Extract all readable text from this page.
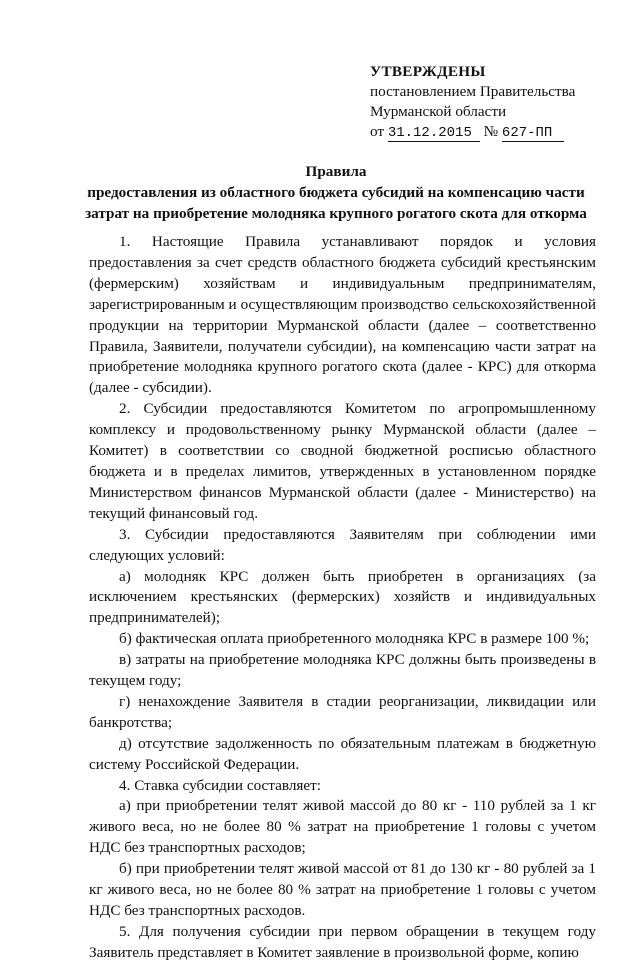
УТВЕРЖДЕНЫ
постановлением Правительства
Мурманской области
от 31.12.2015 № 627-ПП
Правила
предоставления из областного бюджета субсидий на компенсацию части затрат на приобретение молодняка крупного рогатого скота для откорма

1. Настоящие Правила устанавливают порядок и условия предоставления за счет средств областного бюджета субсидий крестьянским (фермерским) хозяйствам и индивидуальным предпринимателям, зарегистрированным и осуществляющим производство сельскохозяйственной продукции на территории Мурманской области (далее – соответственно Правила, Заявители, получатели субсидии), на компенсацию части затрат на приобретение молодняка крупного рогатого скота (далее - КРС) для откорма (далее - субсидии).

2. Субсидии предоставляются Комитетом по агропромышленному комплексу и продовольственному рынку Мурманской области (далее – Комитет) в соответствии со сводной бюджетной росписью областного бюджета и в пределах лимитов, утвержденных в установленном порядке Министерством финансов Мурманской области (далее - Министерство) на текущий финансовый год.

3. Субсидии предоставляются Заявителям при соблюдении ими следующих условий:

а) молодняк КРС должен быть приобретен в организациях (за исключением крестьянских (фермерских) хозяйств и индивидуальных предпринимателей);

б) фактическая оплата приобретенного молодняка КРС в размере 100 %;

в) затраты на приобретение молодняка КРС должны быть произведены в текущем году;

г) ненахождение Заявителя в стадии реорганизации, ликвидации или банкротства;

д) отсутствие задолженность по обязательным платежам в бюджетную систему Российской Федерации.

4. Ставка субсидии составляет:

а) при приобретении телят живой массой до 80 кг - 110 рублей за 1 кг живого веса, но не более 80 % затрат на приобретение 1 головы с учетом НДС без транспортных расходов;

б) при приобретении телят живой массой от 81 до 130 кг - 80 рублей за 1 кг живого веса, но не более 80 % затрат на приобретение 1 головы с учетом НДС без транспортных расходов.

5. Для получения субсидии при первом обращении в текущем году Заявитель представляет в Комитет заявление в произвольной форме, копию
